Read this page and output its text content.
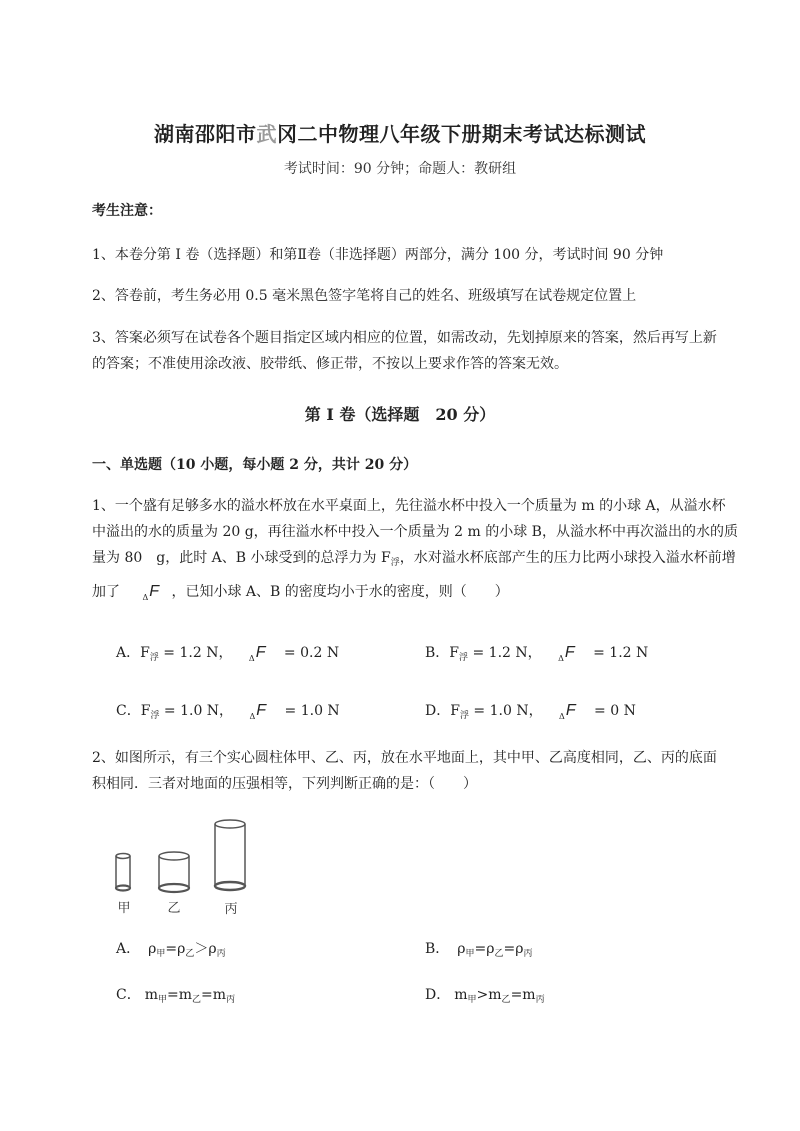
湖南邵阳市武冈二中物理八年级下册期末考试达标测试
考试时间：90 分钟；命题人：教研组
考生注意：
1、本卷分第 I 卷（选择题）和第Ⅱ卷（非选择题）两部分，满分 100 分，考试时间 90 分钟
2、答卷前，考生务必用 0.5 毫米黑色签字笔将自己的姓名、班级填写在试卷规定位置上
3、答案必须写在试卷各个题目指定区域内相应的位置，如需改动，先划掉原来的答案，然后再写上新
的答案；不准使用涂改液、胶带纸、修正带，不按以上要求作答的答案无效。
第 I 卷（选择题　20 分）
一、单选题（10 小题，每小题 2 分，共计 20 分）
1、一个盛有足够多水的溢水杯放在水平桌面上，先往溢水杯中投入一个质量为 m 的小球 A，从溢水杯
中溢出的水的质量为 20 g，再往溢水杯中投入一个质量为 2 m 的小球 B，从溢水杯中再次溢出的水的质
量为 80　g，此时 A、B 小球受到的总浮力为 $F_浮$，水对溢水杯底部产生的压力比两小球投入溢水杯前增
加了	$_\Delta$F ，已知小球 A、B 的密度均小于水的密度，则（　　）
A．$F_浮 = 1.2$ N， $_\Delta$F = 0.2 N	B．$F_浮 = 1.2$ N， $_\Delta$F = 1.2 N
C．$F_浮 = 1.0$ N， $_\Delta$F = 1.0 N	D．$F_浮 = 1.0$ N， $_\Delta$F = 0 N
2、如图所示，有三个实心圆柱体甲、乙、丙，放在水平地面上，其中甲、乙高度相同，乙、丙的底面
积相同．三者对地面的压强相等，下列判断正确的是：（　　）
甲	乙	丙
A． $\rho_甲=\rho_乙>\rho_丙$	B． $\rho_甲=\rho_乙=\rho_丙$
C． $m_甲=m_乙=m_丙$	D． $m_甲>m_乙=m_丙$
